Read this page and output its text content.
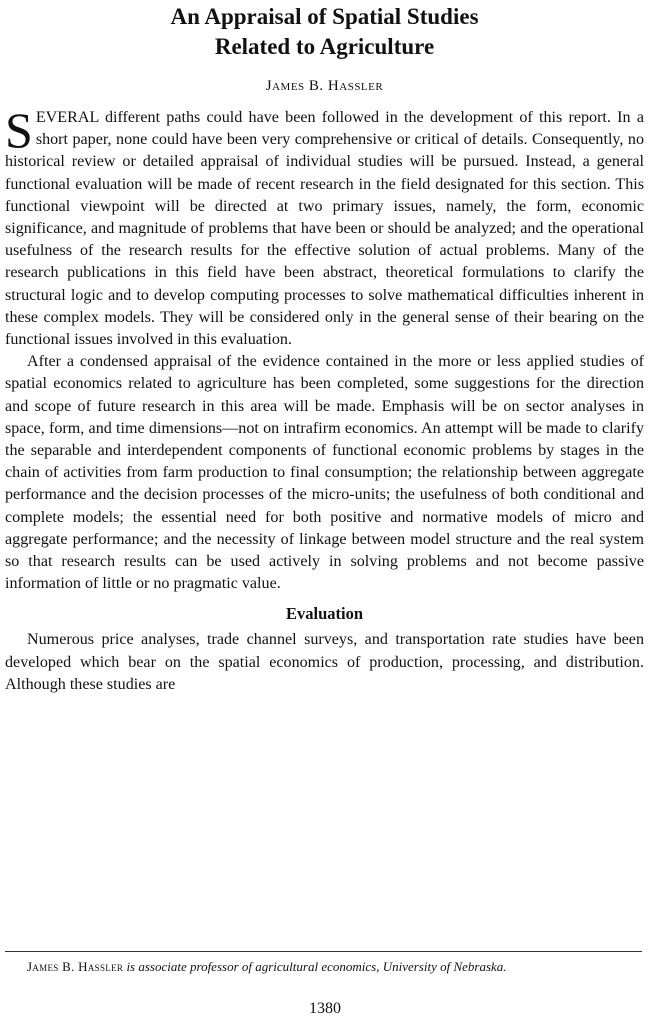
An Appraisal of Spatial Studies
Related to Agriculture
James B. Hassler

SEVERAL different paths could have been followed in the development of this report. In a short paper, none could have been very comprehensive or critical of details. Consequently, no historical review or detailed appraisal of individual studies will be pursued. Instead, a general functional evaluation will be made of recent research in the field designated for this section. This functional viewpoint will be directed at two primary issues, namely, the form, economic significance, and magnitude of problems that have been or should be analyzed; and the operational usefulness of the research results for the effective solution of actual problems. Many of the research publications in this field have been abstract, theoretical formulations to clarify the structural logic and to develop computing processes to solve mathematical difficulties inherent in these complex models. They will be considered only in the general sense of their bearing on the functional issues involved in this evaluation.

After a condensed appraisal of the evidence contained in the more or less applied studies of spatial economics related to agriculture has been completed, some suggestions for the direction and scope of future research in this area will be made. Emphasis will be on sector analyses in space, form, and time dimensions—not on intrafirm economics. An attempt will be made to clarify the separable and interdependent components of functional economic problems by stages in the chain of activities from farm production to final consumption; the relationship between aggregate performance and the decision processes of the micro-units; the usefulness of both conditional and complete models; the essential need for both positive and normative models of micro and aggregate performance; and the necessity of linkage between model structure and the real system so that research results can be used actively in solving problems and not become passive information of little or no pragmatic value.

Evaluation

Numerous price analyses, trade channel surveys, and transportation rate studies have been developed which bear on the spatial economics of production, processing, and distribution. Although these studies are

James B. Hassler is associate professor of agricultural economics, University of Nebraska.
1380
